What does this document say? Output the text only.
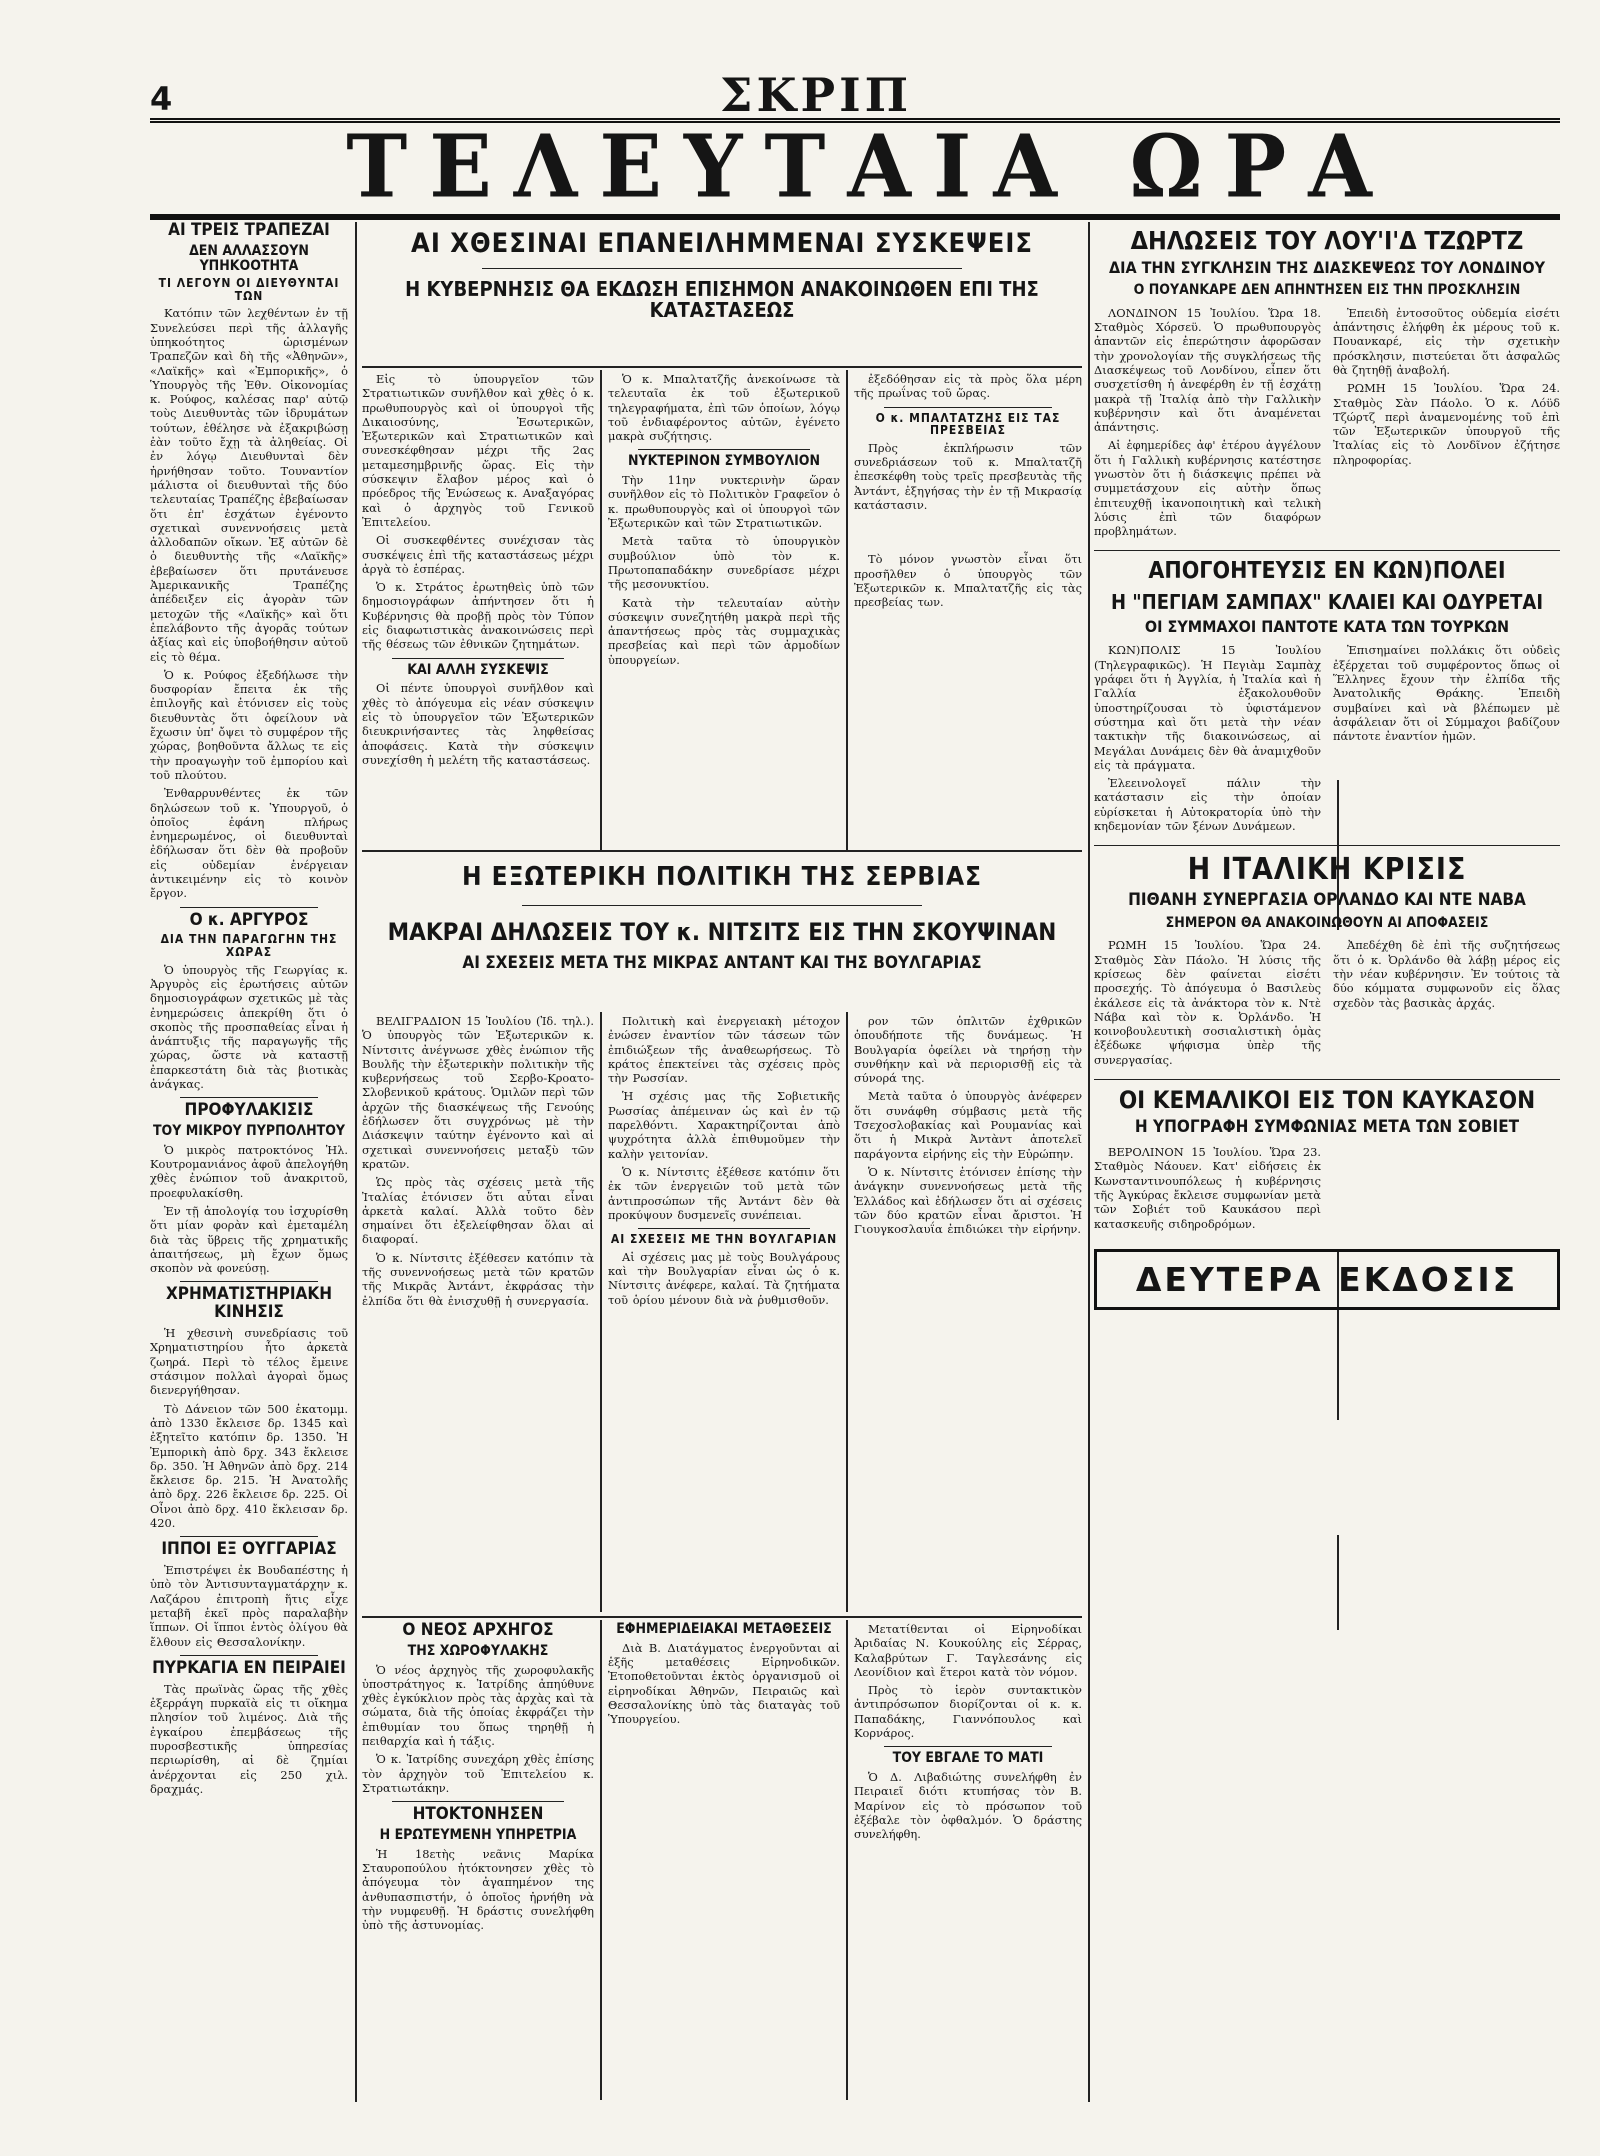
4	ΣΚΡΙΠ
ΤΕΛΕΥΤΑΙΑ ΩΡΑ
ΑΙ ΤΡΕΙΣ ΤΡΑΠΕΖΑΙ
ΔΕΝ ΑΛΛΑΣΣΟΥΝ ΥΠΗΚΟΟΤΗΤΑ
ΤΙ ΛΕΓΟΥΝ ΟΙ ΔΙΕΥΘΥΝΤΑΙ ΤΩΝ

Κατόπιν τῶν λεχθέντων ἐν τῇ Συνελεύσει περὶ τῆς ἀλλαγῆς ὑπηκοότητος ὡρισμένων Τραπεζῶν καὶ δὴ τῆς «Ἀθηνῶν», «Λαϊκῆς» καὶ «Ἐμπορικῆς», ὁ Ὑπουργὸς τῆς Ἐθν. Οἰκονομίας κ. Ρούφος, καλέσας παρ' αὐτῷ τοὺς Διευθυντὰς τῶν ἱδρυμάτων τούτων, ἐθέλησε νὰ ἐξακριβώσῃ ἐὰν τοῦτο ἔχῃ τὰ ἀληθείας. Οἱ ἐν λόγῳ Διευθυνταὶ δὲν ἠρνήθησαν τοῦτο. Τουναντίον μάλιστα οἱ διευθυνταὶ τῆς δύο τελευταίας Τραπέζης ἐβεβαίωσαν ὅτι ἐπ' ἐσχάτων ἐγένοντο σχετικαὶ συνεννοήσεις μετὰ ἀλλοδαπῶν οἴκων. Ἐξ αὐτῶν δὲ ὁ διευθυντὴς τῆς «Λαϊκῆς» ἐβεβαίωσεν ὅτι πρυτάνευσε Ἀμερικανικῆς Τραπέζης ἀπέδειξεν εἰς ἀγορὰν τῶν μετοχῶν τῆς «Λαϊκῆς» καὶ ὅτι ἐπελάβοντο τῆς ἀγορᾶς τούτων ἀξίας καὶ εἰς ὑποβοήθησιν αὐτοῦ εἰς τὸ θέμα.

Ὁ κ. Ρούφος ἐξεδήλωσε τὴν δυσφορίαν ἔπειτα ἐκ τῆς ἐπιλογῆς καὶ ἐτόνισεν εἰς τοὺς διευθυντὰς ὅτι ὁφείλουν νὰ ἔχωσιν ὑπ' ὄψει τὸ συμφέρον τῆς χώρας, βοηθοῦντα ἄλλως τε εἰς τὴν προαγωγὴν τοῦ ἐμπορίου καὶ τοῦ πλούτου.

Ἐνθαρρυνθέντες ἐκ τῶν δηλώσεων τοῦ κ. Ὑπουργοῦ, ὁ ὁποῖος ἐφάνη πλήρως ἐνημερωμένος, οἱ διευθυνταὶ ἐδήλωσαν ὅτι δὲν θὰ προβοῦν εἰς οὐδεμίαν ἐνέργειαν ἀντικειμένην εἰς τὸ κοινὸν ἔργον.

Ο κ. ΑΡΓΥΡΟΣ
ΔΙΑ ΤΗΝ ΠΑΡΑΓΩΓΗΝ ΤΗΣ ΧΩΡΑΣ

Ὁ ὑπουργὸς τῆς Γεωργίας κ. Ἀργυρὸς εἰς ἐρωτήσεις αὐτῶν δημοσιογράφων σχετικῶς μὲ τὰς ἐνημερώσεις ἀπεκρίθη ὅτι ὁ σκοπὸς τῆς προσπαθείας εἶναι ἡ ἀνάπτυξις τῆς παραγωγῆς τῆς χώρας, ὥστε νὰ καταστῇ ἐπαρκεστάτη διὰ τὰς βιοτικὰς ἀνάγκας.

ΠΡΟΦΥΛΑΚΙΣΙΣ
ΤΟΥ ΜΙΚΡΟΥ ΠΥΡΠΟΛΗΤΟΥ

Ὁ μικρὸς πατροκτόνος Ἡλ. Κουτρομανιάνος ἀφοῦ ἀπελογήθη χθὲς ἐνώπιον τοῦ ἀνακριτοῦ, προεφυλακίσθη.

Ἐν τῇ ἀπολογίᾳ του ἰσχυρίσθη ὅτι μίαν φορὰν καὶ ἐμεταμέλη διὰ τὰς ὕβρεις τῆς χρηματικῆς ἀπαιτήσεως, μὴ ἔχων ὅμως σκοπὸν νὰ φονεύσῃ.

ΧΡΗΜΑΤΙΣΤΗΡΙΑΚΗ ΚΙΝΗΣΙΣ

Ἡ χθεσινὴ συνεδρίασις τοῦ Χρηματιστηρίου ἦτο ἀρκετὰ ζωηρά. Περὶ τὸ τέλος ἔμεινε στάσιμον πολλαὶ ἀγοραὶ ὅμως διενεργήθησαν.

Τὸ Δάνειον τῶν 500 ἑκατομμ. ἀπὸ 1330 ἔκλεισε δρ. 1345 καὶ ἐξητεῖτο κατόπιν δρ. 1350. Ἡ Ἐμπορικὴ ἀπὸ δρχ. 343 ἔκλεισε δρ. 350. Ἡ Ἀθηνῶν ἀπὸ δρχ. 214 ἔκλεισε δρ. 215. Ἡ Ἀνατολῆς ἀπὸ δρχ. 226 ἔκλεισε δρ. 225. Οἱ Οἶνοι ἀπὸ δρχ. 410 ἔκλεισαν δρ. 420.

ΙΠΠΟΙ ΕΞ ΟΥΓΓΑΡΙΑΣ

Ἐπιστρέψει ἐκ Βουδαπέστης ἡ ὑπὸ τὸν Ἀντισυνταγματάρχην κ. Λαζάρου ἐπιτροπὴ ἥτις εἶχε μεταβῆ ἐκεῖ πρὸς παραλαβὴν ἵππων. Οἱ ἵπποι ἐντὸς ὀλίγου θὰ ἔλθουν εἰς Θεσσαλονίκην.

ΠΥΡΚΑΓΙΑ ΕΝ ΠΕΙΡΑΙΕΙ

Τὰς πρωϊνὰς ὥρας τῆς χθὲς ἐξερράγη πυρκαϊὰ εἰς τι οἴκημα πλησίον τοῦ λιμένος. Διὰ τῆς ἐγκαίρου ἐπεμβάσεως τῆς πυροσβεστικῆς ὑπηρεσίας περιωρίσθη, αἱ δὲ ζημίαι ἀνέρχονται εἰς 250 χιλ. δραχμάς.

ΑΙ ΧΘΕΣΙΝΑΙ ΕΠΑΝΕΙΛΗΜΜΕΝΑΙ ΣΥΣΚΕΨΕΙΣ
Η ΚΥΒΕΡΝΗΣΙΣ ΘΑ ΕΚΔΩΣΗ ΕΠΙΣΗΜΟΝ ΑΝΑΚΟΙΝΩΘΕΝ ΕΠΙ ΤΗΣ ΚΑΤΑΣΤΑΣΕΩΣ

Εἰς τὸ ὑπουργεῖον τῶν Στρατιωτικῶν συνῆλθον καὶ χθὲς ὁ κ. πρωθυπουργὸς καὶ οἱ ὑπουργοὶ τῆς Δικαιοσύνης, Ἐσωτερικῶν, Ἐξωτερικῶν καὶ Στρατιωτικῶν καὶ συνεσκέφθησαν μέχρι τῆς 2ας μεταμεσημβρινῆς ὥρας. Εἰς τὴν σύσκεψιν ἔλαβον μέρος καὶ ὁ πρόεδρος τῆς Ἑνώσεως κ. Αναξαγόρας καὶ ὁ ἀρχηγὸς τοῦ Γενικοῦ Ἐπιτελείου.

Οἱ συσκεφθέντες συνέχισαν τὰς συσκέψεις ἐπὶ τῆς καταστάσεως μέχρι ἀργὰ τὸ ἑσπέρας.

Ὁ κ. Στράτος ἐρωτηθεὶς ὑπὸ τῶν δημοσιογράφων ἀπήντησεν ὅτι ἡ Κυβέρνησις θὰ προβῇ πρὸς τὸν Τύπον εἰς διαφωτιστικὰς ἀνακοινώσεις περὶ τῆς θέσεως τῶν ἐθνικῶν ζητημάτων.

ΚΑΙ ΑΛΛΗ ΣΥΣΚΕΨΙΣ

Οἱ πέντε ὑπουργοὶ συνῆλθον καὶ χθὲς τὸ ἀπόγευμα εἰς νέαν σύσκεψιν εἰς τὸ ὑπουργεῖον τῶν Ἐξωτερικῶν διευκρινήσαντες τὰς ληφθείσας ἀποφάσεις. Κατὰ τὴν σύσκεψιν συνεχίσθη ἡ μελέτη τῆς καταστάσεως.

Ὁ κ. Μπαλτατζῆς ἀνεκοίνωσε τὰ τελευταῖα ἐκ τοῦ ἐξωτερικοῦ τηλεγραφήματα, ἐπὶ τῶν ὁποίων, λόγῳ τοῦ ἐνδιαφέροντος αὐτῶν, ἐγένετο μακρὰ συζήτησις.

ΝΥΚΤΕΡΙΝΟΝ ΣΥΜΒΟΥΛΙΟΝ

Τὴν 11ην νυκτερινὴν ὥραν συνῆλθον εἰς τὸ Πολιτικὸν Γραφεῖον ὁ κ. πρωθυπουργὸς καὶ οἱ ὑπουργοὶ τῶν Ἐξωτερικῶν καὶ τῶν Στρατιωτικῶν.

Μετὰ ταῦτα τὸ ὑπουργικὸν συμβούλιον ὑπὸ τὸν κ. Πρωτοπαπαδάκην συνεδρίασε μέχρι τῆς μεσονυκτίου.

Κατὰ τὴν τελευταίαν αὐτὴν σύσκεψιν συνεζητήθη μακρὰ περὶ τῆς ἀπαντήσεως πρὸς τὰς συμμαχικὰς πρεσβείας καὶ περὶ τῶν ἀρμοδίων ὑπουργείων.

ἐξεδόθησαν εἰς τὰ πρὸς ὅλα μέρη τῆς πρωΐνας τοῦ ὥρας.

Ο κ. ΜΠΑΛΤΑΤΖΗΣ ΕΙΣ ΤΑΣ ΠΡΕΣΒΕΙΑΣ

Πρὸς ἐκπλήρωσιν τῶν συνεδριάσεων τοῦ κ. Μπαλτατζῆ ἐπεσκέφθη τοὺς τρεῖς πρεσβευτὰς τῆς Ἀντάντ, ἐξηγήσας τὴν ἐν τῇ Μικρασίᾳ κατάστασιν.

Τὸ μόνον γνωστὸν εἶναι ὅτι προσῆλθεν ὁ ὑπουργὸς τῶν Ἐξωτερικῶν κ. Μπαλτατζῆς εἰς τὰς πρεσβείας των.

Η ΕΞΩΤΕΡΙΚΗ ΠΟΛΙΤΙΚΗ ΤΗΣ ΣΕΡΒΙΑΣ
ΜΑΚΡΑΙ ΔΗΛΩΣΕΙΣ ΤΟΥ κ. ΝΙΤΣΙΤΣ ΕΙΣ ΤΗΝ ΣΚΟΥΨΙΝΑΝ
ΑΙ ΣΧΕΣΕΙΣ ΜΕΤΑ ΤΗΣ ΜΙΚΡΑΣ ΑΝΤΑΝΤ ΚΑΙ ΤΗΣ ΒΟΥΛΓΑΡΙΑΣ

ΒΕΛΙΓΡΑΔΙΟΝ 15 Ἰουλίου (Ἰδ. τηλ.). Ὁ ὑπουργὸς τῶν Ἐξωτερικῶν κ. Νίντσιτς ἀνέγνωσε χθὲς ἐνώπιον τῆς Βουλῆς τὴν ἐξωτερικὴν πολιτικὴν τῆς κυβερνήσεως τοῦ Σερβο-Κροατο-Σλοβενικοῦ κράτους. Ὁμιλῶν περὶ τῶν ἀρχῶν τῆς διασκέψεως τῆς Γενούης ἐδήλωσεν ὅτι συγχρόνως μὲ τὴν Διάσκεψιν ταύτην ἐγένοντο καὶ αἱ σχετικαὶ συνεννοήσεις μεταξὺ τῶν κρατῶν.

Ὡς πρὸς τὰς σχέσεις μετὰ τῆς Ἰταλίας ἐτόνισεν ὅτι αὗται εἶναι ἀρκετὰ καλαί. Ἀλλὰ τοῦτο δὲν σημαίνει ὅτι ἐξελείφθησαν ὅλαι αἱ διαφοραί.

Ὁ κ. Νίντσιτς ἐξέθεσεν κατόπιν τὰ τῆς συνεννοήσεως μετὰ τῶν κρατῶν τῆς Μικρᾶς Ἀντάντ, ἐκφράσας τὴν ἐλπίδα ὅτι θὰ ἐνισχυθῇ ἡ συνεργασία.

Πολιτικὴ καὶ ἐνεργειακὴ μέτοχον ἐνώσεν ἐναντίον τῶν τάσεων τῶν ἐπιδιώξεων τῆς ἀναθεωρήσεως. Τὸ κράτος ἐπεκτείνει τὰς σχέσεις πρὸς τὴν Ρωσσίαν.

Ἡ σχέσις μας τῆς Σοβιετικῆς Ρωσσίας ἀπέμειναν ὡς καὶ ἐν τῷ παρελθόντι. Χαρακτηρίζονται ἀπὸ ψυχρότητα ἀλλὰ ἐπιθυμοῦμεν τὴν καλὴν γειτονίαν.

Ὁ κ. Νίντσιτς ἐξέθεσε κατόπιν ὅτι ἐκ τῶν ἐνεργειῶν τοῦ μετὰ τῶν ἀντιπροσώπων τῆς Ἀντάντ δὲν θὰ προκύψουν δυσμενεῖς συνέπειαι.

ΑΙ ΣΧΕΣΕΙΣ ΜΕ ΤΗΝ ΒΟΥΛΓΑΡΙΑΝ

Αἱ σχέσεις μας μὲ τοὺς Βουλγάρους καὶ τὴν Βουλγαρίαν εἶναι ὡς ὁ κ. Νίντσιτς ἀνέφερε, καλαί. Τὰ ζητήματα τοῦ ὁρίου μένουν διὰ νὰ ῥυθμισθοῦν.

ρον τῶν ὁπλιτῶν ἐχθρικῶν ὁπουδήποτε τῆς δυνάμεως. Ἡ Βουλγαρία ὀφείλει νὰ τηρήσῃ τὴν συνθήκην καὶ νὰ περιορισθῇ εἰς τὰ σύνορά της.

Μετὰ ταῦτα ὁ ὑπουργὸς ἀνέφερεν ὅτι συνάφθη σύμβασις μετὰ τῆς Τσεχοσλοβακίας καὶ Ρουμανίας καὶ ὅτι ἡ Μικρὰ Ἀντὰντ ἀποτελεῖ παράγοντα εἰρήνης εἰς τὴν Εὐρώπην.

Ὁ κ. Νίντσιτς ἐτόνισεν ἐπίσης τὴν ἀνάγκην συνεννοήσεως μετὰ τῆς Ἑλλάδος καὶ ἐδήλωσεν ὅτι αἱ σχέσεις τῶν δύο κρατῶν εἶναι ἄριστοι. Ἡ Γιουγκοσλαυΐα ἐπιδιώκει τὴν εἰρήνην.

Ο ΝΕΟΣ ΑΡΧΗΓΟΣ
ΤΗΣ ΧΩΡΟΦΥΛΑΚΗΣ

Ὁ νέος ἀρχηγὸς τῆς χωροφυλακῆς ὑποστράτηγος κ. Ἰατρίδης ἀπηύθυνε χθὲς ἐγκύκλιον πρὸς τὰς ἀρχὰς καὶ τὰ σώματα, διὰ τῆς ὁποίας ἐκφράζει τὴν ἐπιθυμίαν του ὅπως τηρηθῇ ἡ πειθαρχία καὶ ἡ τάξις.

Ὁ κ. Ἰατρίδης συνεχάρη χθὲς ἐπίσης τὸν ἀρχηγὸν τοῦ Ἐπιτελείου κ. Στρατιωτάκην.

ΗΤΟΚΤΟΝΗΣΕΝ
Η ΕΡΩΤΕΥΜΕΝΗ ΥΠΗΡΕΤΡΙΑ

Ἡ 18ετὴς νεᾶνις Μαρίκα Σταυροπούλου ἠτόκτονησεν χθὲς τὸ ἀπόγευμα τὸν ἀγαπημένον της ἀνθυπασπιστήν, ὁ ὁποῖος ἠρνήθη νὰ τὴν νυμφευθῇ. Ἡ δράστις συνελήφθη ὑπὸ τῆς ἀστυνομίας.

ΕΦΗΜΕΡΙΔΕΙΑΚΑΙ ΜΕΤΑΘΕΣΕΙΣ

Διὰ Β. Διατάγματος ἐνεργοῦνται αἱ ἑξῆς μεταθέσεις Εἰρηνοδικῶν. Ἐτοποθετοῦνται ἐκτὸς ὀργανισμοῦ οἱ εἰρηνοδίκαι Ἀθηνῶν, Πειραιῶς καὶ Θεσσαλονίκης ὑπὸ τὰς διαταγὰς τοῦ Ὑπουργείου.

Μετατίθενται οἱ Εἰρηνοδίκαι Ἀριδαίας Ν. Κουκούλης εἰς Σέρρας, Καλαβρύτων Γ. Ταγλεσάνης εἰς Λεονίδιον καὶ ἕτεροι κατὰ τὸν νόμον.

Πρὸς τὸ ἱερὸν συντακτικὸν ἀντιπρόσωπον διορίζονται οἱ κ. κ. Παπαδάκης, Γιαννόπουλος καὶ Κορνάρος.

ΤΟΥ ΕΒΓΑΛΕ ΤΟ ΜΑΤΙ

Ὁ Δ. Λιβαδιώτης συνελήφθη ἐν Πειραιεῖ διότι κτυπήσας τὸν Β. Μαρίνον εἰς τὸ πρόσωπον τοῦ ἐξέβαλε τὸν ὀφθαλμόν. Ὁ δράστης συνελήφθη.

ΔΗΛΩΣΕΙΣ ΤΟΥ ΛΟΥ'Ι'Δ ΤΖΩΡΤΖ
ΔΙΑ ΤΗΝ ΣΥΓΚΛΗΣΙΝ ΤΗΣ ΔΙΑΣΚΕΨΕΩΣ ΤΟΥ ΛΟΝΔΙΝΟΥ
Ο ΠΟΥΑΝΚΑΡΕ ΔΕΝ ΑΠΗΝΤΗΣΕΝ ΕΙΣ ΤΗΝ ΠΡΟΣΚΛΗΣΙΝ

ΛΟΝΔΙΝΟΝ 15 Ἰουλίου. Ὥρα 18. Σταθμὸς Χόρσεϋ. Ὁ πρωθυπουργὸς ἀπαντῶν εἰς ἐπερώτησιν ἀφορῶσαν τὴν χρονολογίαν τῆς συγκλήσεως τῆς Διασκέψεως τοῦ Λονδίνου, εἶπεν ὅτι συσχετίσθη ἡ ἀνεφέρθη ἐν τῇ ἐσχάτῃ μακρὰ τῇ Ἰταλίᾳ ἀπὸ τὴν Γαλλικὴν κυβέρνησιν καὶ ὅτι ἀναμένεται ἀπάντησις.

Αἱ ἐφημερίδες ἀφ' ἑτέρου ἀγγέλουν ὅτι ἡ Γαλλικὴ κυβέρνησις κατέστησε γνωστὸν ὅτι ἡ διάσκεψις πρέπει νὰ συμμετάσχουν εἰς αὐτὴν ὅπως ἐπιτευχθῇ ἱκανοποιητικὴ καὶ τελικὴ λύσις ἐπὶ τῶν διαφόρων προβλημάτων.

Ἐπειδὴ ἐντοσοῦτος οὐδεμία εἰσέτι ἀπάντησις ἐλήφθη ἐκ μέρους τοῦ κ. Πουανκαρέ, εἰς τὴν σχετικὴν πρόσκλησιν, πιστεύεται ὅτι ἀσφαλῶς θὰ ζητηθῇ ἀναβολή.

ΡΩΜΗ 15 Ἰουλίου. Ὥρα 24. Σταθμὸς Σὰν Πάολο. Ὁ κ. Λόϋδ Τζώρτζ περὶ ἀναμενομένης τοῦ ἐπὶ τῶν Ἐξωτερικῶν ὑπουργοῦ τῆς Ἰταλίας εἰς τὸ Λονδῖνον ἐζήτησε πληροφορίας.

ΑΠΟΓΟΗΤΕΥΣΙΣ ΕΝ ΚΩΝ)ΠΟΛΕΙ
Η "ΠΕΓΙΑΜ ΣΑΜΠΑΧ" ΚΛΑΙΕΙ ΚΑΙ ΟΔΥΡΕΤΑΙ
ΟΙ ΣΥΜΜΑΧΟΙ ΠΑΝΤΟΤΕ ΚΑΤΑ ΤΩΝ ΤΟΥΡΚΩΝ

ΚΩΝ)ΠΟΛΙΣ 15 Ἰουλίου (Τηλεγραφικῶς). Ἡ Πεγιὰμ Σαμπὰχ γράφει ὅτι ἡ Ἀγγλία, ἡ Ἰταλία καὶ ἡ Γαλλία ἐξακολουθοῦν ὑποστηρίζουσαι τὸ ὑφιστάμενον σύστημα καὶ ὅτι μετὰ τὴν νέαν τακτικὴν τῆς διακοινώσεως, αἱ Μεγάλαι Δυνάμεις δὲν θὰ ἀναμιχθοῦν εἰς τὰ πράγματα.

Ἐλεεινολογεῖ πάλιν τὴν κατάστασιν εἰς τὴν ὁποίαν εὑρίσκεται ἡ Αὐτοκρατορία ὑπὸ τὴν κηδεμονίαν τῶν ξένων Δυνάμεων.

Ἐπισημαίνει πολλάκις ὅτι οὐδεὶς ἐξέρχεται τοῦ συμφέροντος ὅπως οἱ Ἕλληνες ἔχουν τὴν ἐλπίδα τῆς Ἀνατολικῆς Θράκης. Ἐπειδὴ συμβαίνει καὶ νὰ βλέπωμεν μὲ ἀσφάλειαν ὅτι οἱ Σύμμαχοι βαδίζουν πάντοτε ἐναντίον ἡμῶν.

Η ΙΤΑΛΙΚΗ ΚΡΙΣΙΣ
ΠΙΘΑΝΗ ΣΥΝΕΡΓΑΣΙΑ ΟΡΛΑΝΔΟ ΚΑΙ ΝΤΕ ΝΑΒΑ
ΣΗΜΕΡΟΝ ΘΑ ΑΝΑΚΟΙΝΩΘΟΥΝ ΑΙ ΑΠΟΦΑΣΕΙΣ

ΡΩΜΗ 15 Ἰουλίου. Ὥρα 24. Σταθμὸς Σὰν Πάολο. Ἡ λύσις τῆς κρίσεως δὲν φαίνεται εἰσέτι προσεχής. Τὸ ἀπόγευμα ὁ Βασιλεὺς ἐκάλεσε εἰς τὰ ἀνάκτορα τὸν κ. Ντὲ Νάβα καὶ τὸν κ. Ὀρλάνδο. Ἡ κοινοβουλευτικὴ σοσιαλιστικὴ ὁμὰς ἐξέδωκε ψήφισμα ὑπὲρ τῆς συνεργασίας.

Ἀπεδέχθη δὲ ἐπὶ τῆς συζητήσεως ὅτι ὁ κ. Ὀρλάνδο θὰ λάβῃ μέρος εἰς τὴν νέαν κυβέρνησιν. Ἐν τούτοις τὰ δύο κόμματα συμφωνοῦν εἰς ὅλας σχεδὸν τὰς βασικὰς ἀρχάς.

ΟΙ ΚΕΜΑΛΙΚΟΙ ΕΙΣ ΤΟΝ ΚΑΥΚΑΣΟΝ
Η ΥΠΟΓΡΑΦΗ ΣΥΜΦΩΝΙΑΣ ΜΕΤΑ ΤΩΝ ΣΟΒΙΕΤ

ΒΕΡΟΛΙΝΟΝ 15 Ἰουλίου. Ὥρα 23. Σταθμὸς Νάουεν. Κατ' εἰδήσεις ἐκ Κωνσταντινουπόλεως ἡ κυβέρνησις τῆς Ἀγκύρας ἔκλεισε συμφωνίαν μετὰ τῶν Σοβιέτ τοῦ Καυκάσου περὶ κατασκευῆς σιδηροδρόμων.

ΔΕΥΤΕΡΑ ΕΚΔΟΣΙΣ
